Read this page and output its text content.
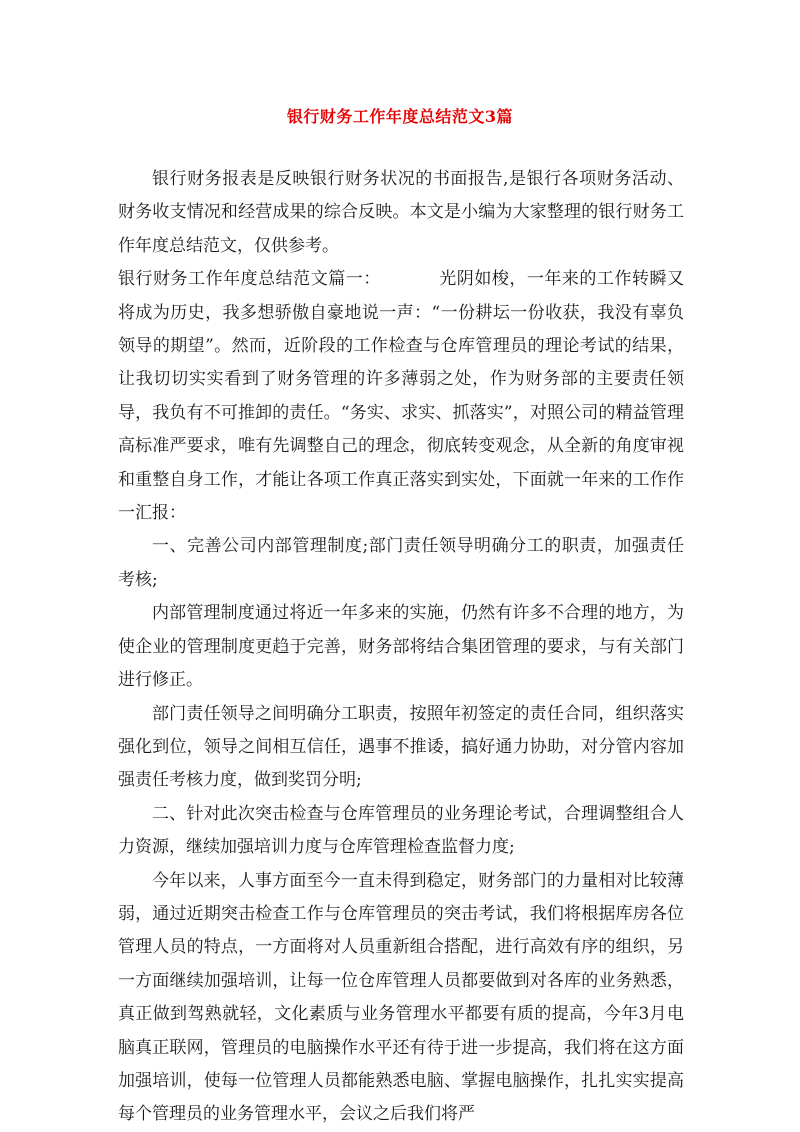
银行财务工作年度总结范文3篇

银行财务报表是反映银行财务状况的书面报告,是银行各项财务活动、财务收支情况和经营成果的综合反映。本文是小编为大家整理的银行财务工作年度总结范文，仅供参考。

银行财务工作年度总结范文篇一：	光阴如梭，一年来的工作转瞬又将成为历史，我多想骄傲自豪地说一声：“一份耕坛一份收获，我没有辜负领导的期望”。然而，近阶段的工作检查与仓库管理员的理论考试的结果，让我切切实实看到了财务管理的许多薄弱之处，作为财务部的主要责任领导，我负有不可推卸的责任。“务实、求实、抓落实”，对照公司的精益管理高标准严要求，唯有先调整自己的理念，彻底转变观念，从全新的角度审视和重整自身工作，才能让各项工作真正落实到实处，下面就一年来的工作作一汇报：

一、完善公司内部管理制度;部门责任领导明确分工的职责，加强责任考核;

内部管理制度通过将近一年多来的实施，仍然有许多不合理的地方，为使企业的管理制度更趋于完善，财务部将结合集团管理的要求，与有关部门进行修正。

部门责任领导之间明确分工职责，按照年初签定的责任合同，组织落实强化到位，领导之间相互信任，遇事不推诿，搞好通力协助，对分管内容加强责任考核力度，做到奖罚分明;

二、针对此次突击检查与仓库管理员的业务理论考试，合理调整组合人力资源，继续加强培训力度与仓库管理检查监督力度;

今年以来，人事方面至今一直未得到稳定，财务部门的力量相对比较薄弱，通过近期突击检查工作与仓库管理员的突击考试，我们将根据库房各位管理人员的特点，一方面将对人员重新组合搭配，进行高效有序的组织，另一方面继续加强培训，让每一位仓库管理人员都要做到对各库的业务熟悉，真正做到驾熟就轻，文化素质与业务管理水平都要有质的提高，今年3月电脑真正联网，管理员的电脑操作水平还有待于进一步提高，我们将在这方面加强培训，使每一位管理人员都能熟悉电脑、掌握电脑操作，扎扎实实提高每个管理员的业务管理水平，会议之后我们将严
